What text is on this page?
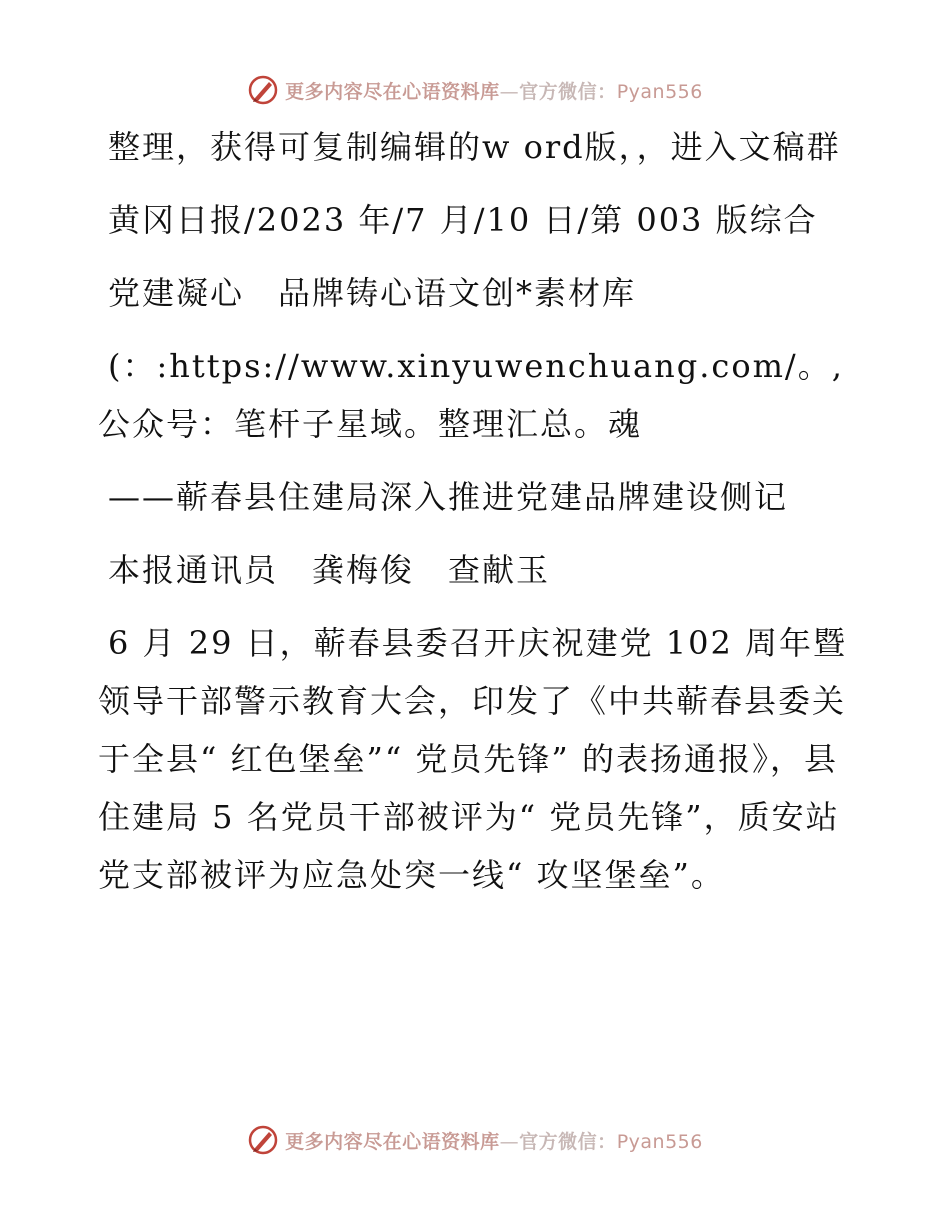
更多内容尽在心语资料库—官方微信：Pyan556

整理，获得可复制编辑的w ord版，，进入文稿群

黄冈日报/2023 年/7 月/10 日/第 003 版综合

党建凝心　品牌铸心语文创*素材库

(：:https://www.xinyuwenchuang.com/。,公众号：笔杆子星域。整理汇总。魂

——蕲春县住建局深入推进党建品牌建设侧记

本报通讯员　龚梅俊　查献玉

6 月 29 日，蕲春县委召开庆祝建党 102 周年暨领导干部警示教育大会，印发了《中共蕲春县委关于全县“ 红色堡垒”“ 党员先锋” 的表扬通报》，县住建局 5 名党员干部被评为“ 党员先锋”，质安站党支部被评为应急处突一线“ 攻坚堡垒”。

更多内容尽在心语资料库—官方微信：Pyan556
